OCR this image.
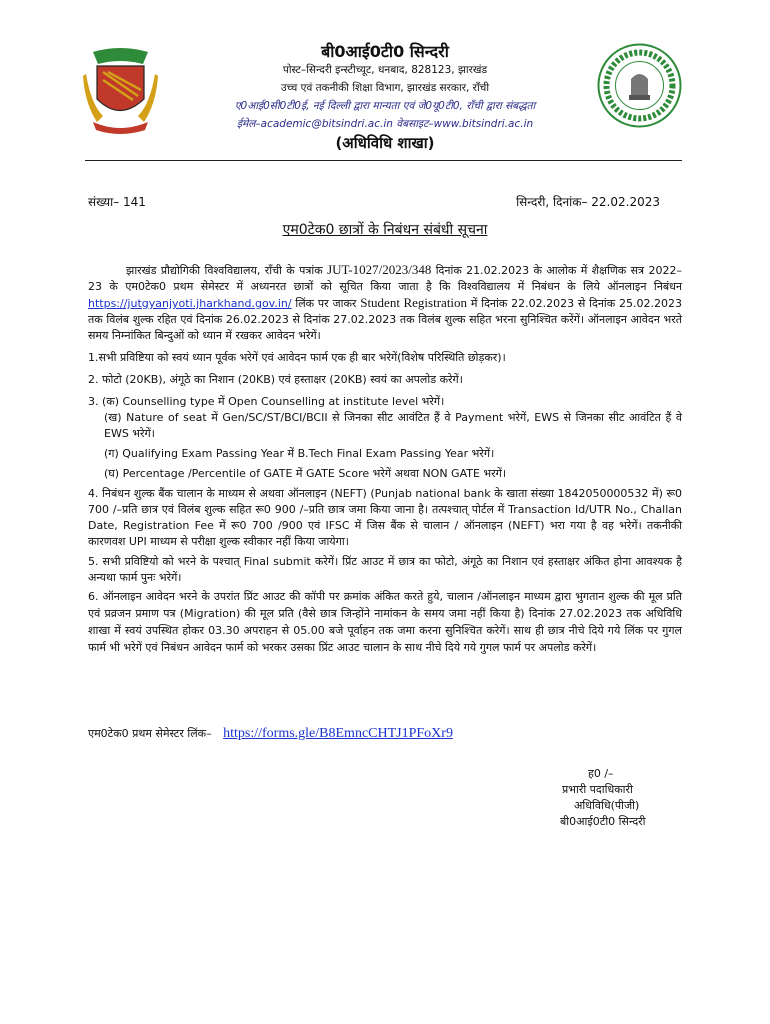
बी0आई0टी0 सिन्दरी
पोस्ट–सिन्दरी इन्स्टीच्यूट, धनबाद, 828123, झारखंड
उच्च एवं तकनीकी शिक्षा विभाग, झारखंड सरकार, राँची
ए0आई0सी0टी0ई, नई दिल्ली द्वारा मान्यता एवं जे0यू0टी0, राँची द्वारा संबद्धता
ईमेल–academic@bitsindri.ac.in वेबसाइट–www.bitsindri.ac.in
(अधिविधि शाखा)
संख्या– 141	सिन्दरी, दिनांक– 22.02.2023
एम0टेक0 छात्रों के निबंधन संबंधी सूचना

झारखंड प्रौद्योगिकी विश्वविद्यालय, राँची के पत्रांक JUT-1027/2023/348 दिनांक 21.02.2023 के आलोक में शैक्षणिक सत्र 2022–23 के एम0टेक0 प्रथम सेमेस्टर में अध्यनरत छात्रों को सूचित किया जाता है कि विश्वविद्यालय में निबंधन के लिये ऑनलाइन निबंधन https://jutgyanjyoti.jharkhand.gov.in/ लिंक पर जाकर Student Registration में दिनांक 22.02.2023 से दिनांक 25.02.2023 तक विलंब शुल्क रहित एवं दिनांक 26.02.2023 से दिनांक 27.02.2023 तक विलंब शुल्क सहित भरना सुनिश्चित करेंगें। ऑनलाइन आवेदन भरते समय निम्नांकित बिन्दुओं को ध्यान में रखकर आवेदन भरेगें।

1.सभी प्रविष्टिया को स्वयं ध्यान पूर्वक भरेगें एवं आवेदन फार्म एक ही बार भरेगें(विशेष परिस्थिति छोड़कर)।

2. फोटो (20KB), अंगूठे का निशान (20KB) एवं हस्ताक्षर (20KB) स्वयं का अपलोड करेगें।

3. (क) Counselling type में Open Counselling at institute level भरेगें।

(ख) Nature of seat में Gen/SC/ST/BCI/BCII से जिनका सीट आवंटित हैं वे Payment भरेगें, EWS से जिनका सीट आवंटित हैं वे EWS भरेगें।

(ग) Qualifying Exam Passing Year में B.Tech Final Exam Passing Year भरेगें।

(घ) Percentage /Percentile of GATE में GATE Score भरेगें अथवा NON GATE भरगें।

4. निबंधन शुल्क बैंक चालान के माध्यम से अथवा ऑनलाइन (NEFT) (Punjab national bank के खाता संख्या 1842050000532 में) रू0 700 /–प्रति छात्र एवं विलंब शुल्क सहित रू0 900 /–प्रति छात्र जमा किया जाना है। तत्पश्चात् पोर्टल में Transaction Id/UTR No., Challan Date, Registration Fee में रू0 700 /900 एवं IFSC में जिस बैंक से चालान / ऑनलाइन (NEFT) भरा गया है वह भरेगें। तकनीकी कारणवश UPI माध्यम से परीक्षा शुल्क स्वीकार नहीं किया जायेगा।

5. सभी प्रविष्टियो को भरने के पश्चात् Final submit करेगें। प्रिंट आउट में छात्र का फोटो, अंगूठे का निशान एवं हस्ताक्षर अंकित होना आवश्यक है अन्यथा फार्म पुनः भरेगें।

6. ऑनलाइन आवेदन भरने के उपरांत प्रिंट आउट की कॉपी पर क्रमांक अंकित करते हुये, चालान /ऑनलाइन माध्यम द्वारा भुगतान शुल्क की मूल प्रति एवं प्रव्रजन प्रमाण पत्र (Migration) की मूल प्रति (वैसे छात्र जिन्होंने नामांकन के समय जमा नहीं किया है) दिनांक 27.02.2023 तक अधिविधि शाखा में स्वयं उपस्थित होकर 03.30 अपराहन से 05.00 बजे पूर्वाहन तक जमा करना सुनिश्चित करेगें। साथ ही छात्र नीचे दिये गये लिंक पर गुगल फार्म भी भरेगें एवं निबंधन आवेदन फार्म को भरकर उसका प्रिंट आउट चालान के साथ नीचे दिये गये गुगल फार्म पर अपलोड करेगें।

एम0टेक0 प्रथम सेमेस्टर लिंक– https://forms.gle/B8EmncCHTJ1PFoXr9
ह0 /–
प्रभारी पदाधिकारी
अधिविधि(पीजी)
बी0आई0टी0 सिन्दरी
